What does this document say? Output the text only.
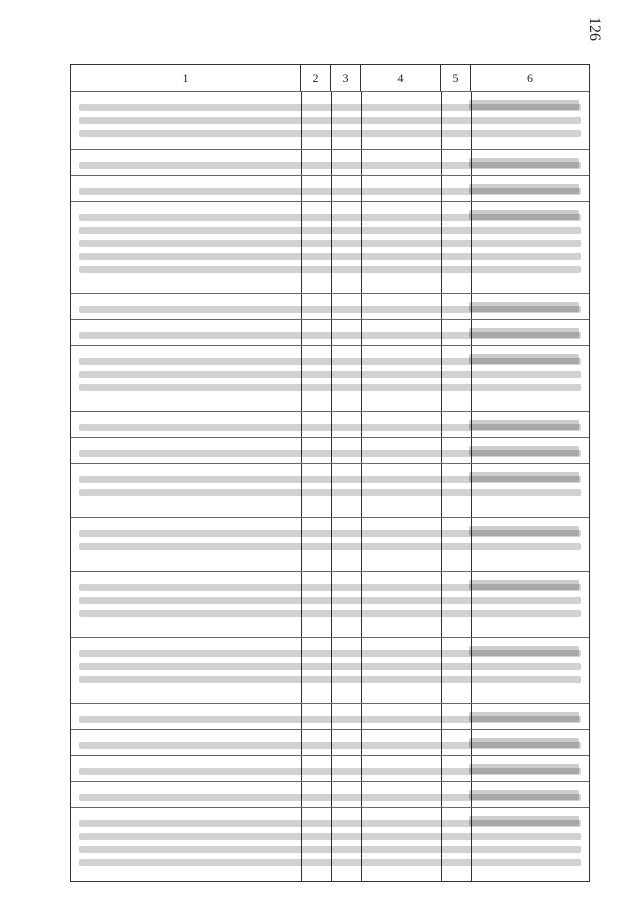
126
1	2	3	4	5	6
